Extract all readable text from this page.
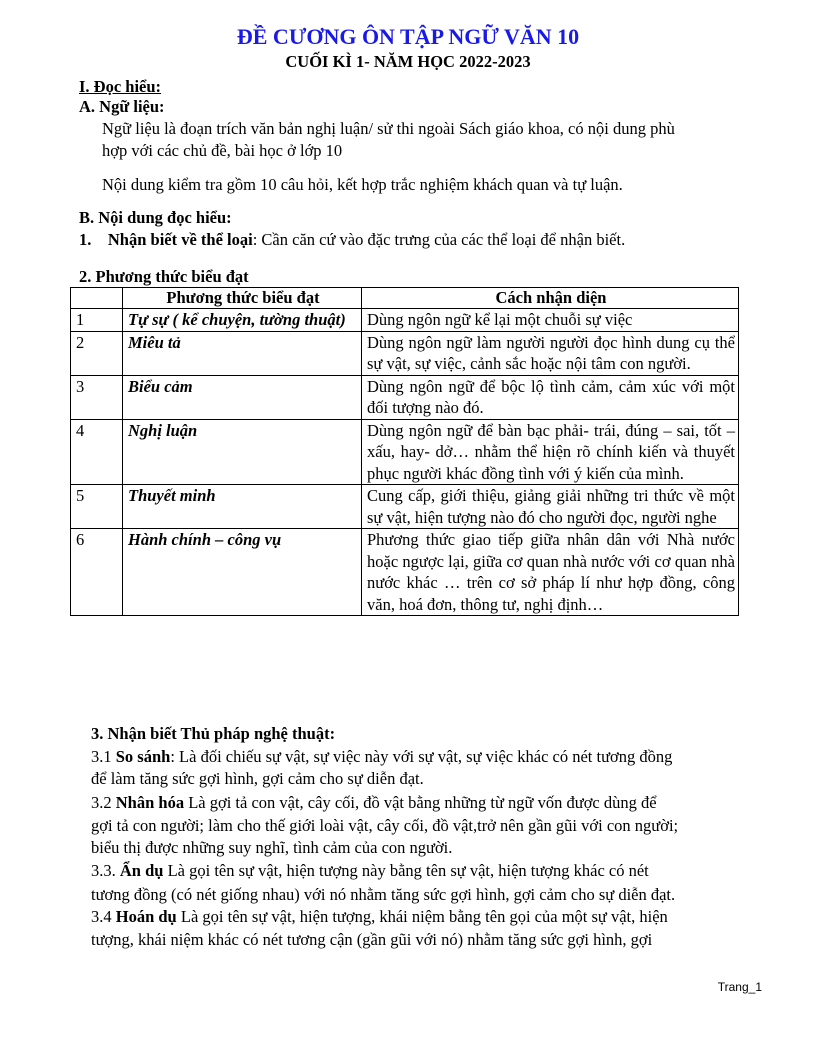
ĐỀ CƯƠNG ÔN TẬP NGỮ VĂN 10
CUỐI KÌ 1- NĂM HỌC 2022-2023
I. Đọc hiểu:
A. Ngữ liệu:
Ngữ liệu là đoạn trích văn bản nghị luận/ sử thi ngoài Sách giáo khoa, có nội dung phù
hợp với các chủ đề, bài học ở lớp 10
Nội dung kiểm tra gồm 10 câu hỏi, kết hợp trắc nghiệm khách quan và tự luận.
B. Nội dung đọc hiểu:
1. Nhận biết về thể loại: Cần căn cứ vào đặc trưng của các thể loại để nhận biết.
2. Phương thức biểu đạt
	Phương thức biểu đạt	Cách nhận diện
1	Tự sự ( kể chuyện, tường thuật)	Dùng ngôn ngữ kể lại một chuỗi sự việc
2	Miêu tả	Dùng ngôn ngữ làm người người đọc hình dung cụ thể sự vật, sự việc, cảnh sắc hoặc nội tâm con người.
3	Biểu cảm	Dùng ngôn ngữ để bộc lộ tình cảm, cảm xúc với một đối tượng nào đó.
4	Nghị luận	Dùng ngôn ngữ để bàn bạc phải- trái, đúng – sai, tốt – xấu, hay- dở… nhằm thể hiện rõ chính kiến và thuyết phục người khác đồng tình với ý kiến của mình.
5	Thuyết minh	Cung cấp, giới thiệu, giảng giải những tri thức về một sự vật, hiện tượng nào đó cho người đọc, người nghe
6	Hành chính – công vụ	Phương thức giao tiếp giữa nhân dân với Nhà nước hoặc ngược lại, giữa cơ quan nhà nước với cơ quan nhà nước khác … trên cơ sở pháp lí như hợp đồng, công văn, hoá đơn, thông tư, nghị định…
3. Nhận biết Thủ pháp nghệ thuật:
3.1 So sánh: Là đối chiếu sự vật, sự việc này với sự vật, sự việc khác có nét tương đồng
để làm tăng sức gợi hình, gợi cảm cho sự diễn đạt.
3.2 Nhân hóa Là gợi tả con vật, cây cối, đồ vật bằng những từ ngữ vốn được dùng để
gợi tả con người; làm cho thế giới loài vật, cây cối, đồ vật,trở nên gần gũi với con người;
biểu thị được những suy nghĩ, tình cảm của con người.
3.3. Ẩn dụ Là gọi tên sự vật, hiện tượng này bằng tên sự vật, hiện tượng khác có nét
tương đồng (có nét giống nhau) với nó nhằm tăng sức gợi hình, gợi cảm cho sự diễn đạt.
3.4 Hoán dụ Là gọi tên sự vật, hiện tượng, khái niệm bằng tên gọi của một sự vật, hiện
tượng, khái niệm khác có nét tương cận (gần gũi với nó) nhằm tăng sức gợi hình, gợi
Trang_1
